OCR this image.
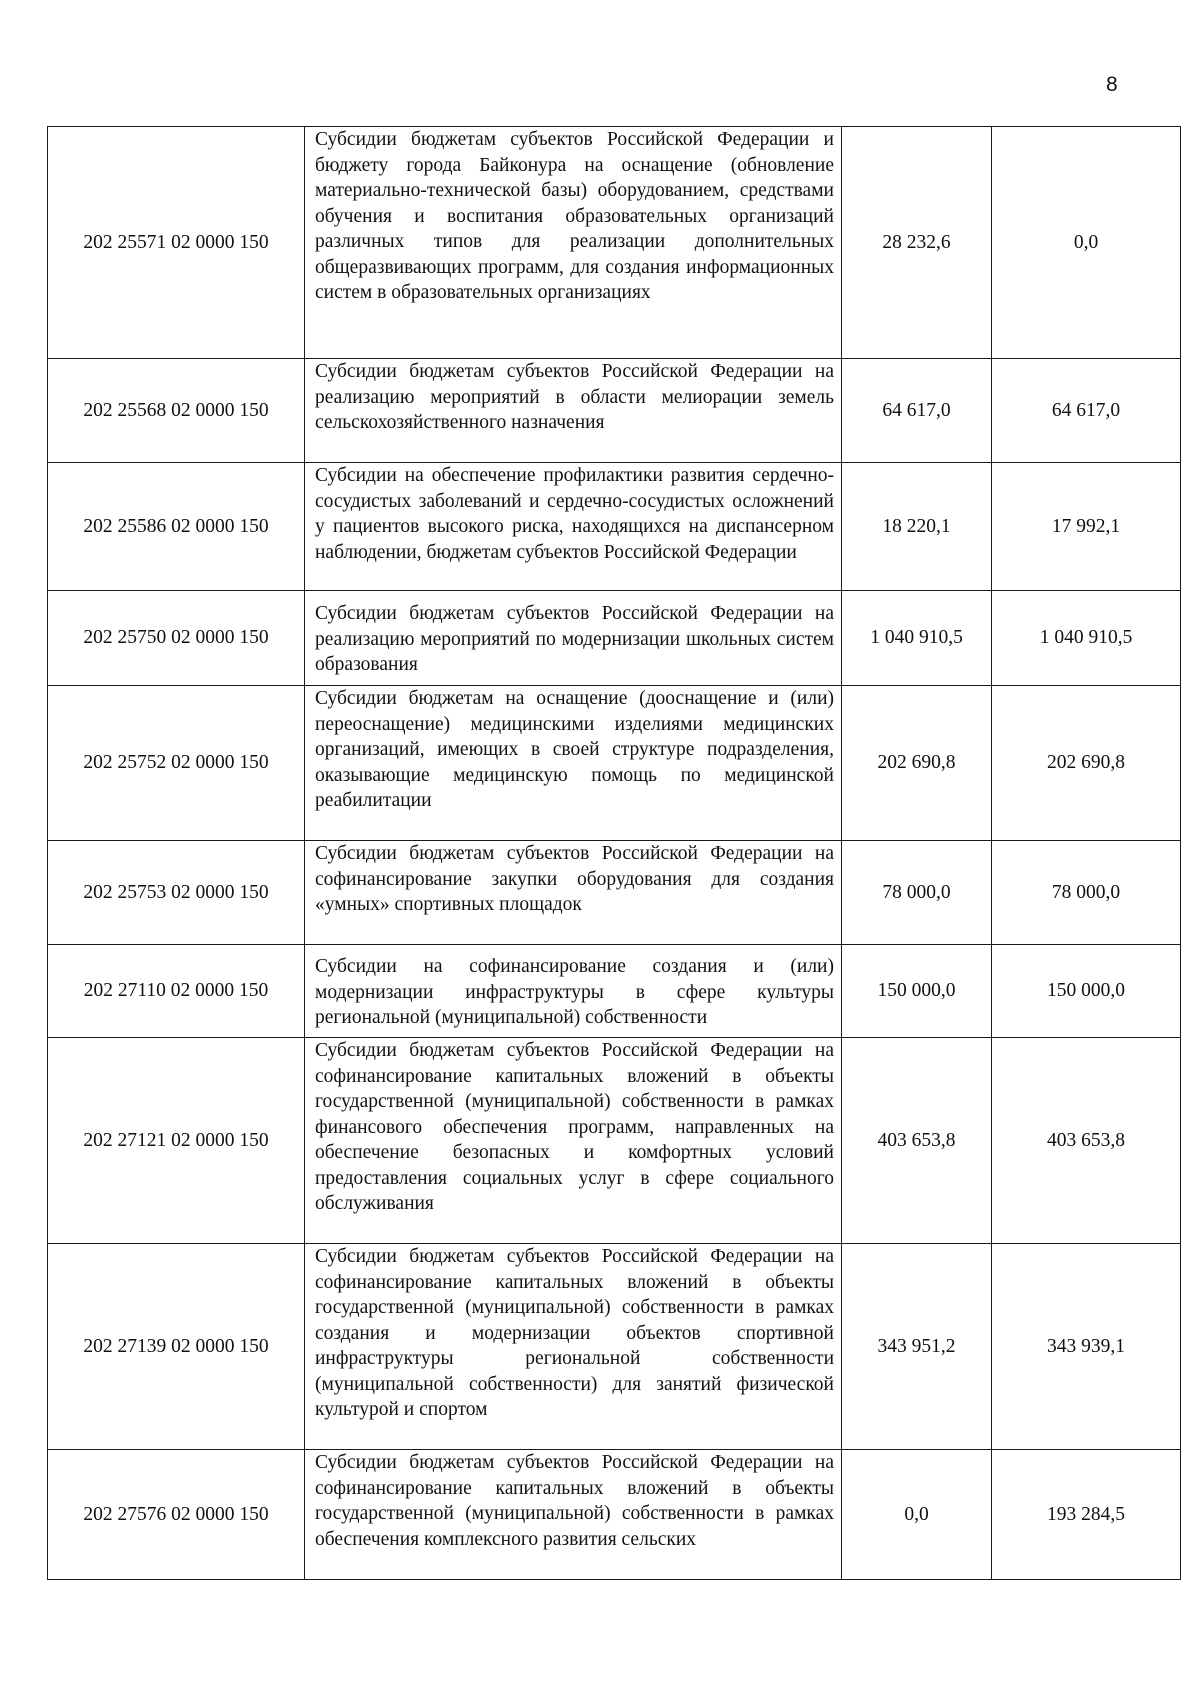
8
202 25571 02 0000 150	Субсидии бюджетам субъектов Российской Федерации и бюджету города Байконура на оснащение (обновление материально-технической базы) оборудованием, средствами обучения и воспитания образовательных организаций различных типов для реализации дополнительных общеразвивающих программ, для создания информационных систем в образовательных организациях	28 232,6	0,0
202 25568 02 0000 150	Субсидии бюджетам субъектов Российской Федерации на реализацию мероприятий в области мелиорации земель сельскохозяйственного назначения	64 617,0	64 617,0
202 25586 02 0000 150	Субсидии на обеспечение профилактики развития сердечно-сосудистых заболеваний и сердечно-сосудистых осложнений у пациентов высокого риска, находящихся на диспансерном наблюдении, бюджетам субъектов Российской Федерации	18 220,1	17 992,1
202 25750 02 0000 150	Субсидии бюджетам субъектов Российской Федерации на реализацию мероприятий по модернизации школьных систем образования	1 040 910,5	1 040 910,5
202 25752 02 0000 150	Субсидии бюджетам на оснащение (дооснащение и (или) переоснащение) медицинскими изделиями медицинских организаций, имеющих в своей структуре подразделения, оказывающие медицинскую помощь по медицинской реабилитации	202 690,8	202 690,8
202 25753 02 0000 150	Субсидии бюджетам субъектов Российской Федерации на софинансирование закупки оборудования для создания «умных» спортивных площадок	78 000,0	78 000,0
202 27110 02 0000 150	Субсидии на софинансирование создания и (или) модернизации инфраструктуры в сфере культуры региональной (муниципальной) собственности	150 000,0	150 000,0
202 27121 02 0000 150	Субсидии бюджетам субъектов Российской Федерации на софинансирование капитальных вложений в объекты государственной (муниципальной) собственности в рамках финансового обеспечения программ, направленных на обеспечение безопасных и комфортных условий предоставления социальных услуг в сфере социального обслуживания	403 653,8	403 653,8
202 27139 02 0000 150	Субсидии бюджетам субъектов Российской Федерации на софинансирование капитальных вложений в объекты государственной (муниципальной) собственности в рамках создания и модернизации объектов спортивной инфраструктуры региональной собственности (муниципальной собственности) для занятий физической культурой и спортом	343 951,2	343 939,1
202 27576 02 0000 150	Субсидии бюджетам субъектов Российской Федерации на софинансирование капитальных вложений в объекты государственной (муниципальной) собственности в рамках обеспечения комплексного развития сельских	0,0	193 284,5
